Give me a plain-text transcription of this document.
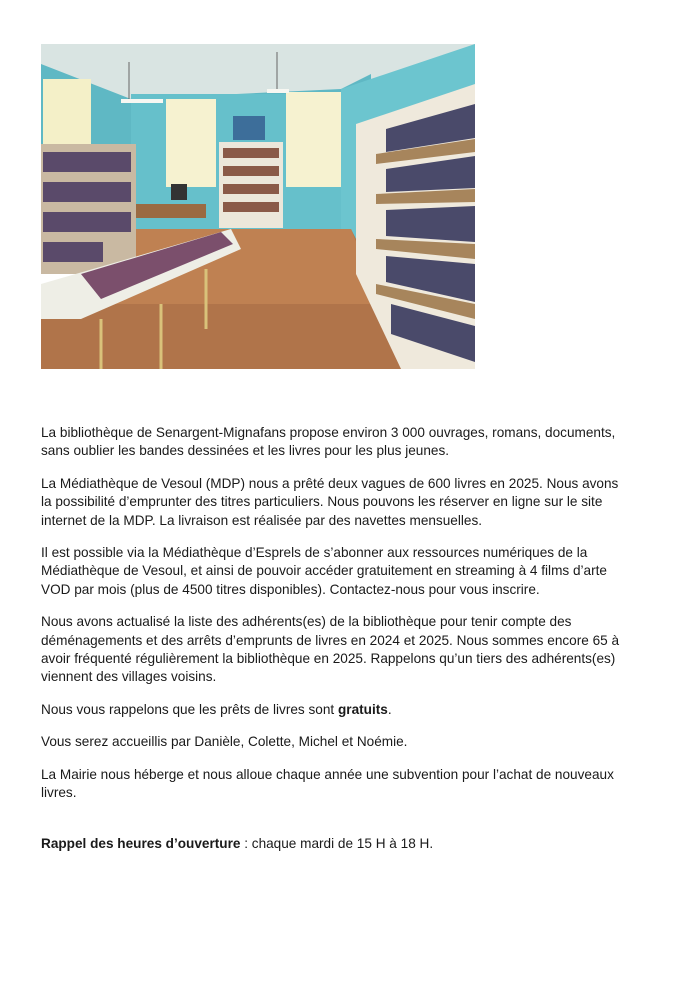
La bibliothèque de Senargent-Mignafans propose environ 3 000 ouvrages, romans, documents, sans oublier les bandes dessinées et les livres pour les plus jeunes.

La Médiathèque de Vesoul (MDP) nous a prêté deux vagues de 600 livres en 2025. Nous avons la possibilité d’emprunter des titres particuliers. Nous pouvons les réserver en ligne sur le site internet de la MDP. La livraison est réalisée par des navettes mensuelles.

Il est possible via la Médiathèque d’Esprels de s’abonner aux ressources numériques de la Médiathèque de Vesoul, et ainsi de pouvoir accéder gratuitement en streaming à 4 films d’arte VOD par mois (plus de 4500 titres disponibles). Contactez-nous pour vous inscrire.

Nous avons actualisé la liste des adhérents(es) de la bibliothèque pour tenir compte des déménagements et des arrêts d’emprunts de livres en 2024 et 2025. Nous sommes encore 65 à avoir fréquenté régulièrement la bibliothèque en 2025. Rappelons qu’un tiers des adhérents(es) viennent des villages voisins.

Nous vous rappelons que les prêts de livres sont gratuits.

Vous serez accueillis par Danièle, Colette, Michel et Noémie.

La Mairie nous héberge et nous alloue chaque année une subvention pour l’achat de nouveaux livres.

Rappel des heures d’ouverture : chaque mardi de 15 H à 18 H.
